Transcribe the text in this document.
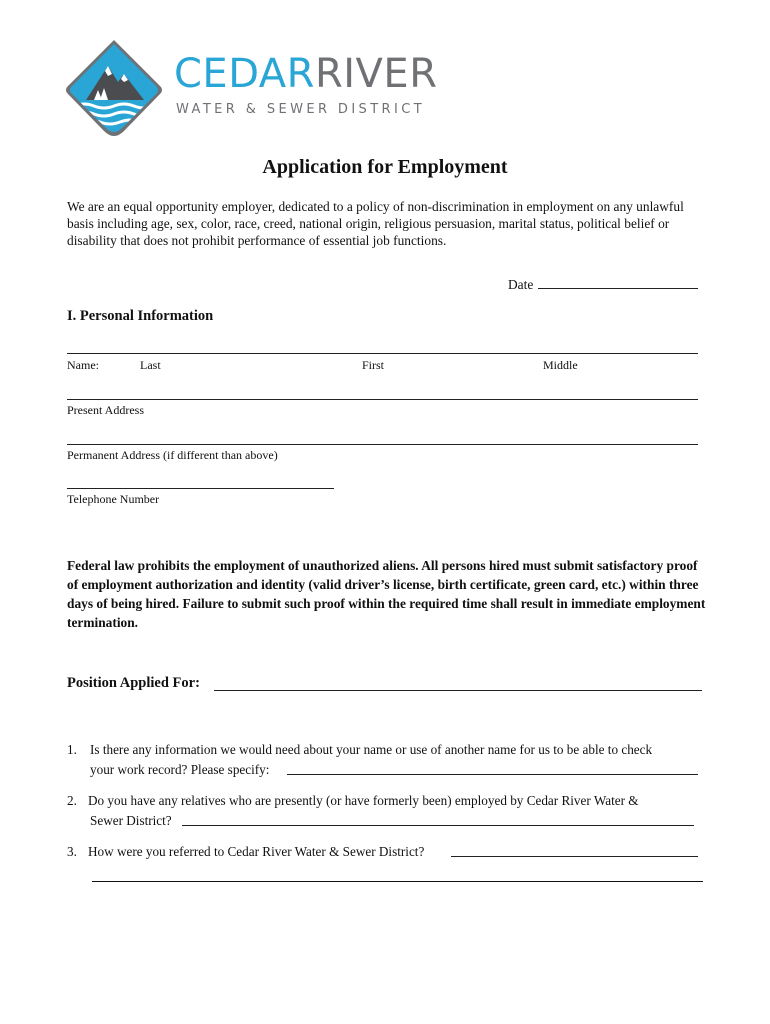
CEDARRIVER
WATER & SEWER DISTRICT
Application for Employment
We are an equal opportunity employer, dedicated to a policy of non-discrimination in employment on any unlawful basis including age, sex, color, race, creed, national origin, religious persuasion, marital status, political belief or disability that does not prohibit performance of essential job functions.
Date
I. Personal Information
Name:	Last	First	Middle
Present Address
Permanent Address (if different than above)
Telephone Number
Federal law prohibits the employment of unauthorized aliens. All persons hired must submit satisfactory proof of employment authorization and identity (valid driver’s license, birth certificate, green card, etc.) within three days of being hired. Failure to submit such proof within the required time shall result in immediate employment termination.
Position Applied For:
1. Is there any information we would need about your name or use of another name for us to be able to check
your work record? Please specify:
2. Do you have any relatives who are presently (or have formerly been) employed by Cedar River Water &
Sewer District?
3. How were you referred to Cedar River Water & Sewer District?
